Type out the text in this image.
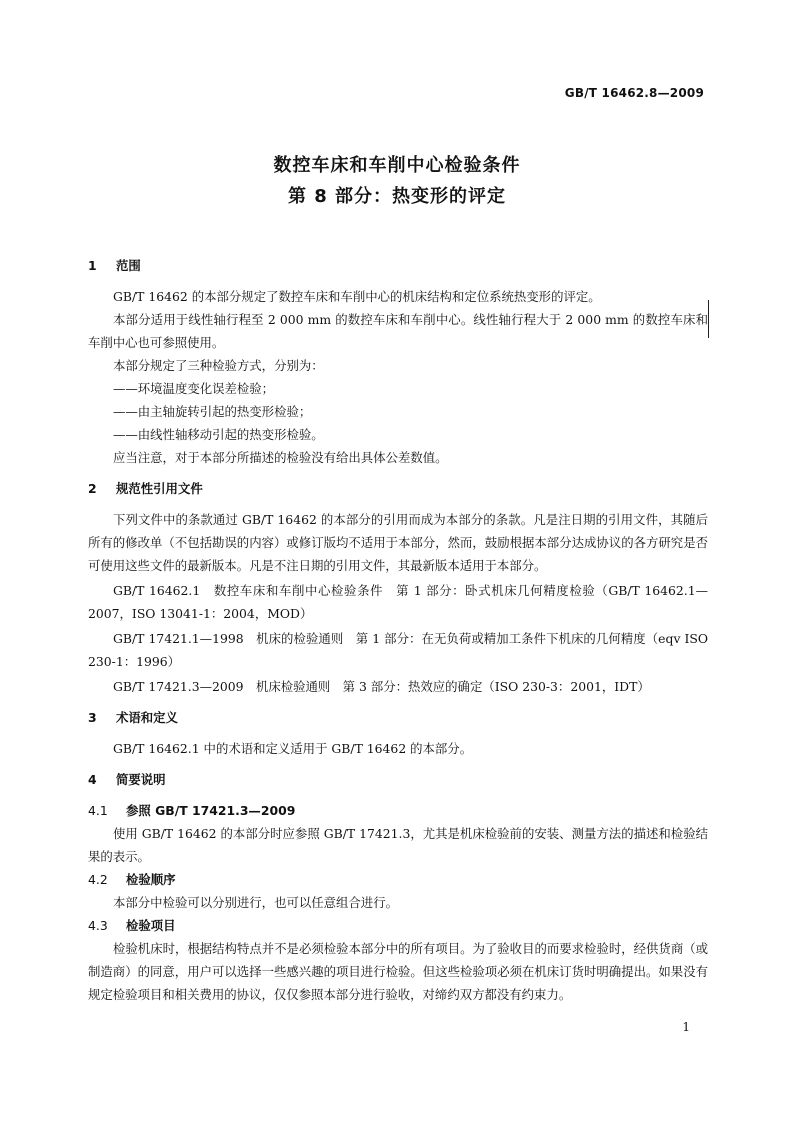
GB/T 16462.8—2009
数控车床和车削中心检验条件
第 8 部分：热变形的评定
1 范围

GB/T 16462 的本部分规定了数控车床和车削中心的机床结构和定位系统热变形的评定。

本部分适用于线性轴行程至 2 000 mm 的数控车床和车削中心。线性轴行程大于 2 000 mm 的数控车床和车削中心也可参照使用。

本部分规定了三种检验方式，分别为：

——环境温度变化误差检验；

——由主轴旋转引起的热变形检验；

——由线性轴移动引起的热变形检验。

应当注意，对于本部分所描述的检验没有给出具体公差数值。

2 规范性引用文件

下列文件中的条款通过 GB/T 16462 的本部分的引用而成为本部分的条款。凡是注日期的引用文件，其随后所有的修改单（不包括勘误的内容）或修订版均不适用于本部分，然而，鼓励根据本部分达成协议的各方研究是否可使用这些文件的最新版本。凡是不注日期的引用文件，其最新版本适用于本部分。

GB/T 16462.1　数控车床和车削中心检验条件　第 1 部分：卧式机床几何精度检验（GB/T 16462.1—2007，ISO 13041-1：2004，MOD）

GB/T 17421.1—1998　机床的检验通则　第 1 部分：在无负荷或精加工条件下机床的几何精度（eqv ISO 230-1：1996）

GB/T 17421.3—2009　机床检验通则　第 3 部分：热效应的确定（ISO 230-3：2001，IDT）

3 术语和定义

GB/T 16462.1 中的术语和定义适用于 GB/T 16462 的本部分。

4 简要说明
4.1 参照 GB/T 17421.3—2009

使用 GB/T 16462 的本部分时应参照 GB/T 17421.3，尤其是机床检验前的安装、测量方法的描述和检验结果的表示。

4.2 检验顺序

本部分中检验可以分别进行，也可以任意组合进行。

4.3 检验项目

检验机床时，根据结构特点并不是必须检验本部分中的所有项目。为了验收目的而要求检验时，经供货商（或制造商）的同意，用户可以选择一些感兴趣的项目进行检验。但这些检验项必须在机床订货时明确提出。如果没有规定检验项目和相关费用的协议，仅仅参照本部分进行验收，对缔约双方都没有约束力。

1
